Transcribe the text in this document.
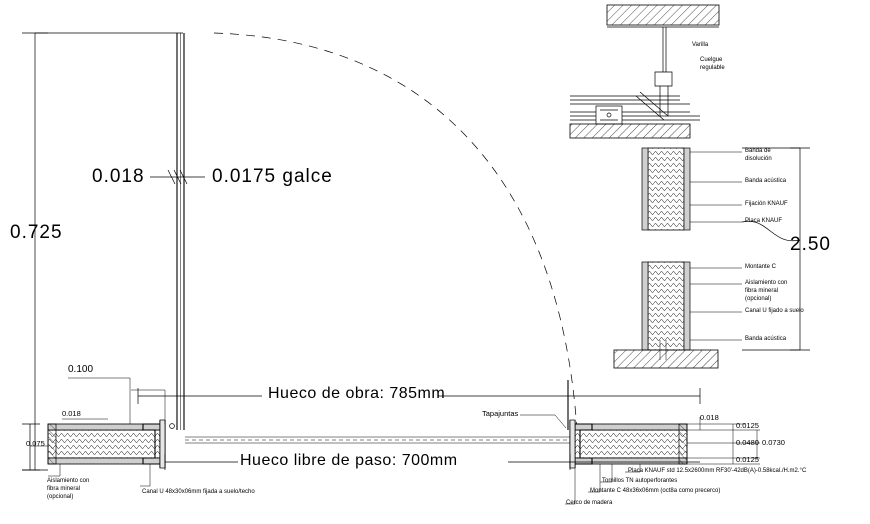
0.725
2.50
0.018	0.0175 galce
0.100
0.018
0.075
0.018
0.0125
0.0480 0.0730
0.0125
Hueco de obra: 785mm
Hueco libre de paso: 700mm
Tapajuntas
Aislamiento con
fibra mineral
(opcional)
Canal U 48x30x06mm fijada a suelo/techo
Placa KNAUF std 12.5x2600mm RF30'-42dB(A)-0.58kcal./H.m2.°C
Tornillos TN autoperforantes
Montante C 48x36x06mm (oct8a como precerco)
Cerco de madera
Varilla
Cuelgue
regulable
Banda de
disolución
Banda acústica
Fijación KNAUF
Placa KNAUF
Montante C
Aislamiento con
fibra mineral
(opcional)
Canal U fijado a suelo
Banda acústica
